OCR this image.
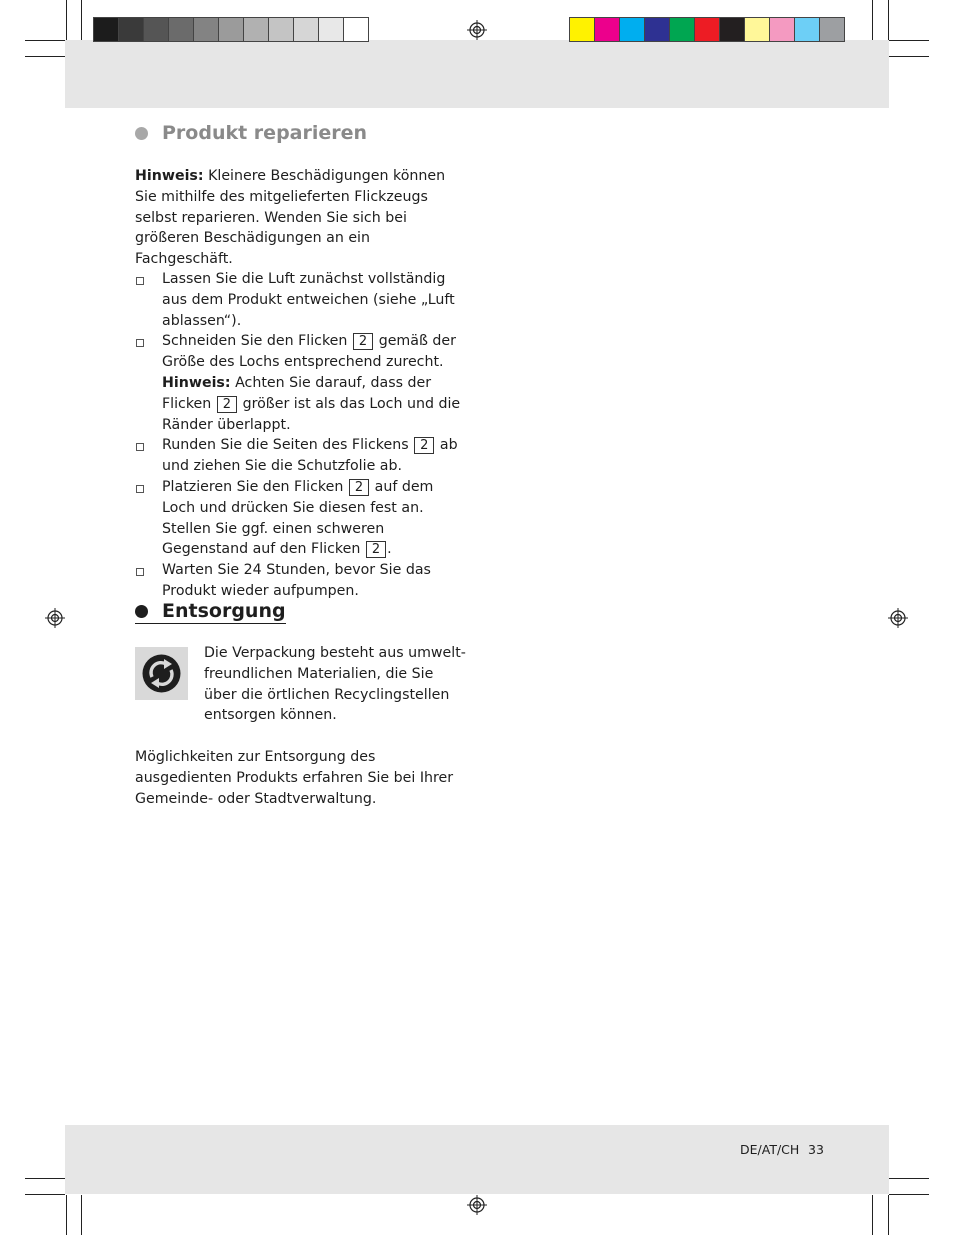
Produkt reparieren

Hinweis: Kleinere Beschädigungen können Sie mithilfe des mitgelieferten Flickzeugs selbst reparieren. Wenden Sie sich bei größeren Beschädigungen an ein Fachgeschäft.

Lassen Sie die Luft zunächst vollständig aus dem Produkt entweichen (siehe „Luft ablassen“).
Schneiden Sie den Flicken 2 gemäß der Größe des Lochs entsprechend zurecht.
Hinweis: Achten Sie darauf, dass der Flicken 2 größer ist als das Loch und die Ränder überlappt.
Runden Sie die Seiten des Flickens 2 ab und ziehen Sie die Schutzfolie ab.
Platzieren Sie den Flicken 2 auf dem Loch und drücken Sie diesen fest an. Stellen Sie ggf. einen schweren Gegenstand auf den Flicken 2 .
Warten Sie 24 Stunden, bevor Sie das Produkt wieder aufpumpen.
Entsorgung

Die Verpackung besteht aus umwelt-freundlichen Materialien, die Sie über die örtlichen Recyclingstellen entsorgen können.

Möglichkeiten zur Entsorgung des ausgedienten Produkts erfahren Sie bei Ihrer Gemeinde- oder Stadtverwaltung.

DE/AT/CH 33
